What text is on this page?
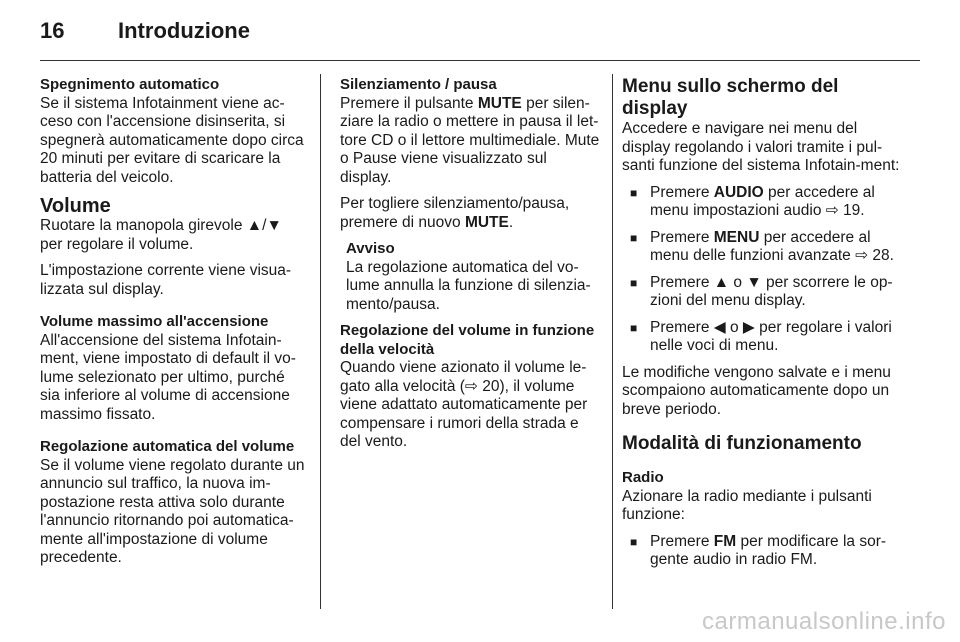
16 Introduzione
Spegnimento automatico

Se il sistema Infotainment viene ac-ceso con l'accensione disinserita, si spegnerà automaticamente dopo circa 20 minuti per evitare di scaricare la batteria del veicolo.

Volume

Ruotare la manopola girevole ▲/▼ per regolare il volume.

L'impostazione corrente viene visua-lizzata sul display.

Volume massimo all'accensione

All'accensione del sistema Infotain-ment, viene impostato di default il vo-lume selezionato per ultimo, purché sia inferiore al volume di accensione massimo fissato.

Regolazione automatica del volume

Se il volume viene regolato durante un annuncio sul traffico, la nuova im-postazione resta attiva solo durante l'annuncio ritornando poi automatica-mente all'impostazione di volume precedente.

Silenziamento / pausa

Premere il pulsante MUTE per silen-ziare la radio o mettere in pausa il let-tore CD o il lettore multimediale. Mute o Pause viene visualizzato sul display.

Per togliere silenziamento/pausa, premere di nuovo MUTE.

Avviso
La regolazione automatica del vo-lume annulla la funzione di silenzia-mento/pausa.
Regolazione del volume in funzione della velocità

Quando viene azionato il volume le-gato alla velocità (⇨ 20), il volume viene adattato automaticamente per compensare i rumori della strada e del vento.

Menu sullo schermo del display

Accedere e navigare nei menu del display regolando i valori tramite i pul-santi funzione del sistema Infotain-ment:

■ Premere AUDIO per accedere al menu impostazioni audio ⇨ 19.
■ Premere MENU per accedere al menu delle funzioni avanzate ⇨ 28.
■ Premere ▲ o ▼ per scorrere le op-zioni del menu display.
■ Premere ◀ o ▶ per regolare i valori nelle voci di menu.

Le modifiche vengono salvate e i menu scompaiono automaticamente dopo un breve periodo.

Modalità di funzionamento
Radio

Azionare la radio mediante i pulsanti funzione:

■ Premere FM per modificare la sor-gente audio in radio FM.
carmanualsonline.info
